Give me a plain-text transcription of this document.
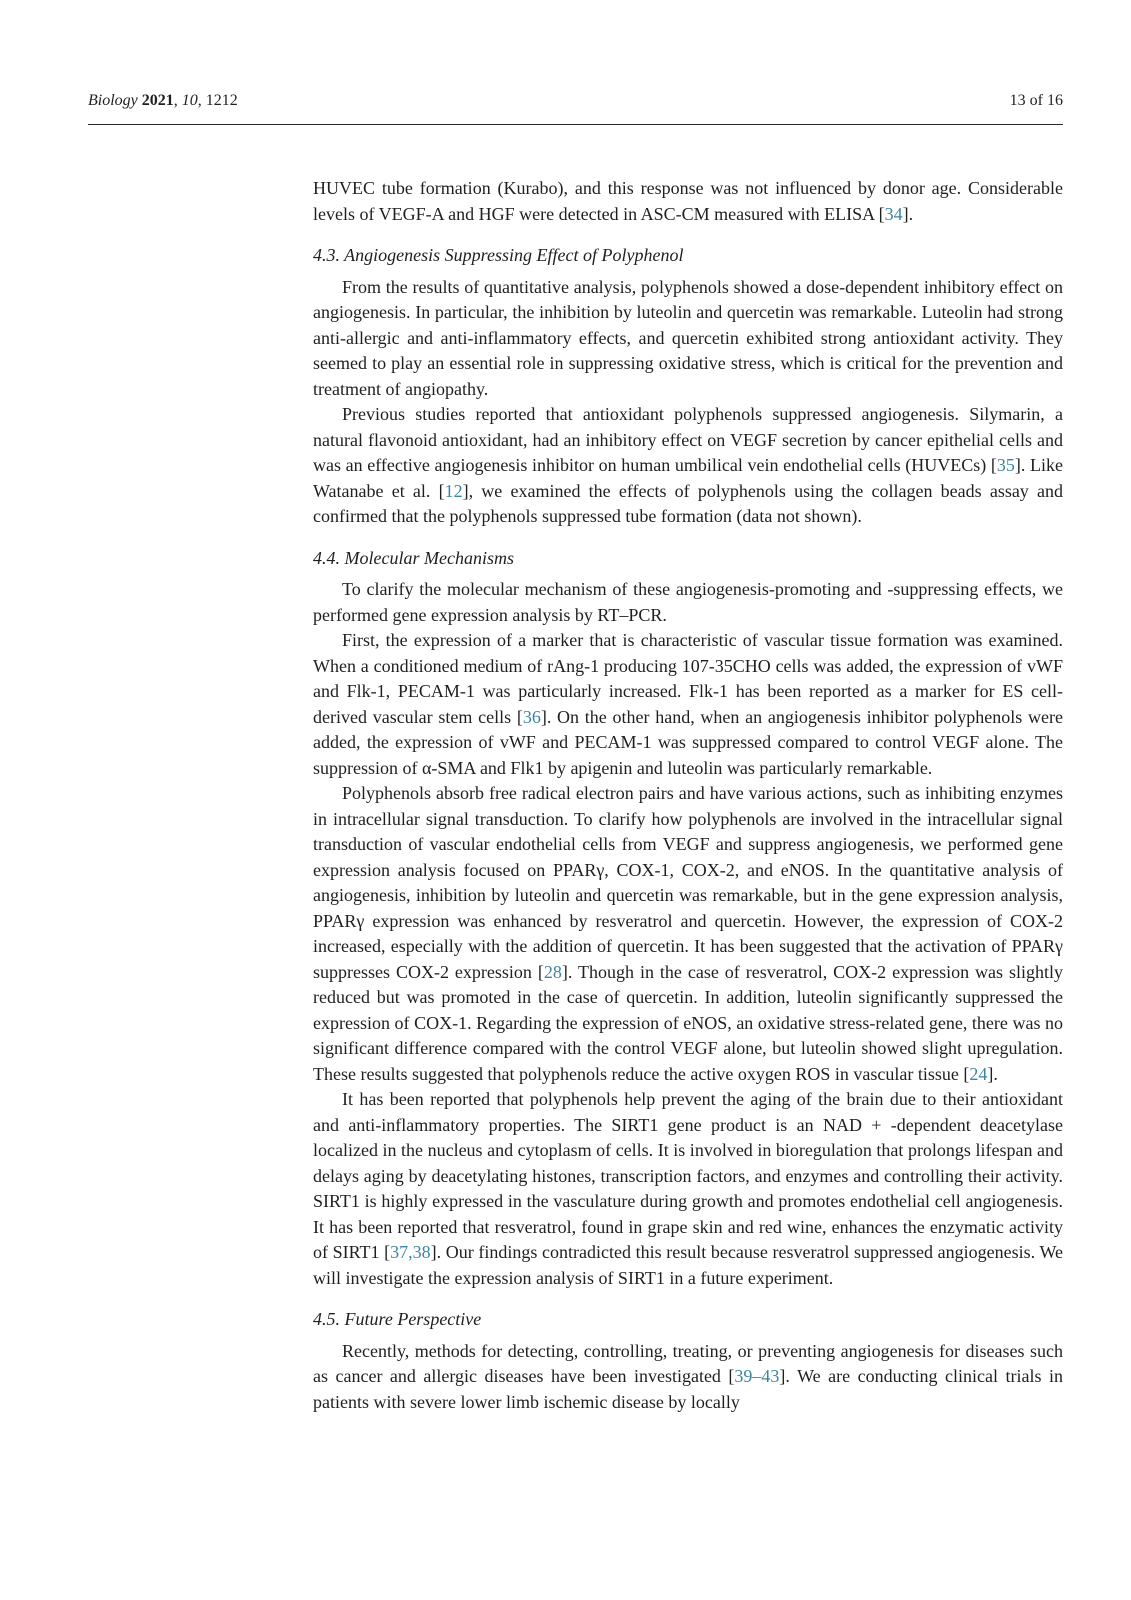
Biology 2021, 10, 1212	13 of 16

HUVEC tube formation (Kurabo), and this response was not influenced by donor age. Considerable levels of VEGF-A and HGF were detected in ASC-CM measured with ELISA [34].

4.3. Angiogenesis Suppressing Effect of Polyphenol

From the results of quantitative analysis, polyphenols showed a dose-dependent inhibitory effect on angiogenesis. In particular, the inhibition by luteolin and quercetin was remarkable. Luteolin had strong anti-allergic and anti-inflammatory effects, and quercetin exhibited strong antioxidant activity. They seemed to play an essential role in suppressing oxidative stress, which is critical for the prevention and treatment of angiopathy.

Previous studies reported that antioxidant polyphenols suppressed angiogenesis. Silymarin, a natural flavonoid antioxidant, had an inhibitory effect on VEGF secretion by cancer epithelial cells and was an effective angiogenesis inhibitor on human umbilical vein endothelial cells (HUVECs) [35]. Like Watanabe et al. [12], we examined the effects of polyphenols using the collagen beads assay and confirmed that the polyphenols suppressed tube formation (data not shown).

4.4. Molecular Mechanisms

To clarify the molecular mechanism of these angiogenesis-promoting and -suppressing effects, we performed gene expression analysis by RT–PCR.

First, the expression of a marker that is characteristic of vascular tissue formation was examined. When a conditioned medium of rAng-1 producing 107-35CHO cells was added, the expression of vWF and Flk-1, PECAM-1 was particularly increased. Flk-1 has been reported as a marker for ES cell-derived vascular stem cells [36]. On the other hand, when an angiogenesis inhibitor polyphenols were added, the expression of vWF and PECAM-1 was suppressed compared to control VEGF alone. The suppression of α-SMA and Flk1 by apigenin and luteolin was particularly remarkable.

Polyphenols absorb free radical electron pairs and have various actions, such as inhibiting enzymes in intracellular signal transduction. To clarify how polyphenols are involved in the intracellular signal transduction of vascular endothelial cells from VEGF and suppress angiogenesis, we performed gene expression analysis focused on PPARγ, COX-1, COX-2, and eNOS. In the quantitative analysis of angiogenesis, inhibition by luteolin and quercetin was remarkable, but in the gene expression analysis, PPARγ expression was enhanced by resveratrol and quercetin. However, the expression of COX-2 increased, especially with the addition of quercetin. It has been suggested that the activation of PPARγ suppresses COX-2 expression [28]. Though in the case of resveratrol, COX-2 expression was slightly reduced but was promoted in the case of quercetin. In addition, luteolin significantly suppressed the expression of COX-1. Regarding the expression of eNOS, an oxidative stress-related gene, there was no significant difference compared with the control VEGF alone, but luteolin showed slight upregulation. These results suggested that polyphenols reduce the active oxygen ROS in vascular tissue [24].

It has been reported that polyphenols help prevent the aging of the brain due to their antioxidant and anti-inflammatory properties. The SIRT1 gene product is an NAD + -dependent deacetylase localized in the nucleus and cytoplasm of cells. It is involved in bioregulation that prolongs lifespan and delays aging by deacetylating histones, transcription factors, and enzymes and controlling their activity. SIRT1 is highly expressed in the vasculature during growth and promotes endothelial cell angiogenesis. It has been reported that resveratrol, found in grape skin and red wine, enhances the enzymatic activity of SIRT1 [37,38]. Our findings contradicted this result because resveratrol suppressed angiogenesis. We will investigate the expression analysis of SIRT1 in a future experiment.

4.5. Future Perspective

Recently, methods for detecting, controlling, treating, or preventing angiogenesis for diseases such as cancer and allergic diseases have been investigated [39–43]. We are conducting clinical trials in patients with severe lower limb ischemic disease by locally
